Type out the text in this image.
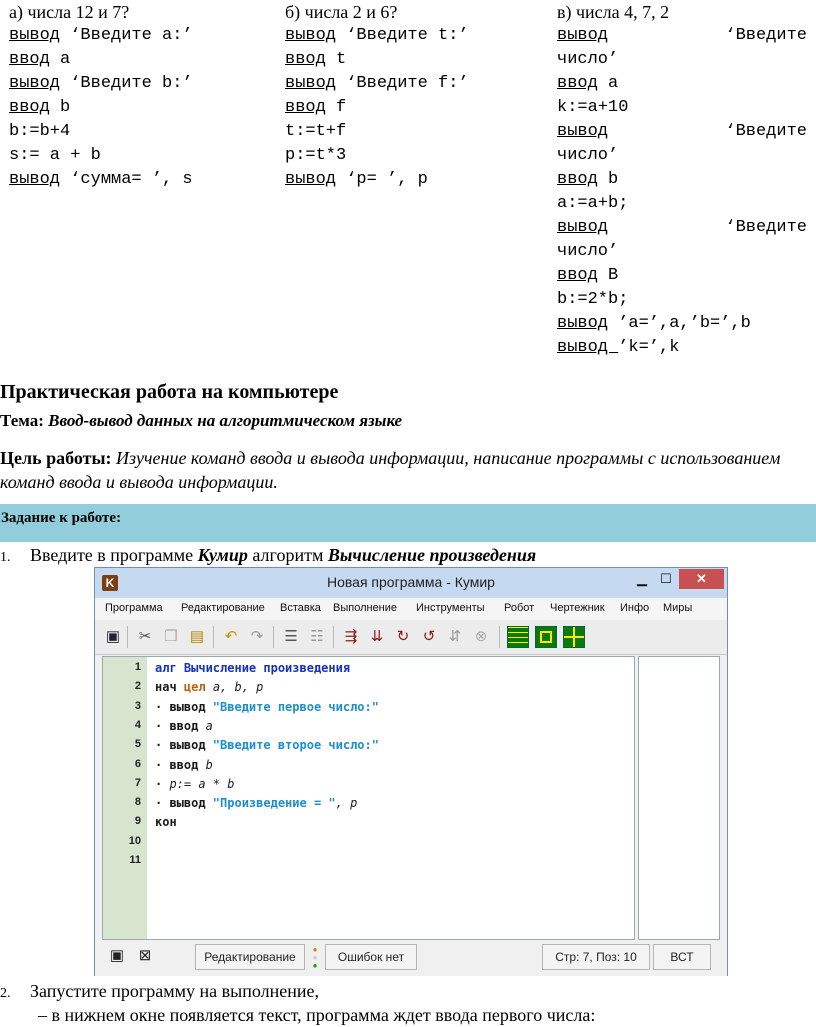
а) числа 12 и 7?
вывод ‘Введите a:’
ввод a
вывод ‘Введите b:’
ввод b
b:=b+4
s:= a + b
вывод ‘сумма= ’, s
б) числа 2 и 6?
вывод ‘Введите t:’
ввод t
вывод ‘Введите f:’
ввод f
t:=t+f
p:=t*3
вывод ‘p= ’, p
в) числа 4, 7, 2
вывод	‘Введите
число’
ввод a
k:=a+10
вывод	‘Введите
число’
ввод b
a:=a+b;
вывод	‘Введите
число’
ввод B
b:=2*b;
вывод ’a=’,a,’b=’,b
вывод ’k=’,k
Практическая работа на компьютере
Тема: Ввод-вывод данных на алгоритмическом языке
Цель работы: Изучение команд ввода и вывода информации, написание программы с использованием команд ввода и вывода информации.
Задание к работе:
1. Введите в программе Кумир алгоритм Вычисление произведения
K	Новая программа - Кумир	▁	☐	✕
Программа Редактирование Вставка Выполнение Инструменты Робот Чертежник Инфо Миры
▣ ✂ ❐ ▤ ↶ ↷ ☰ ☷ ⇶ ⇊ ↻ ↺ ⇵ ⊗
1
2
3
4
5
6
7
8
9
10
11
алг Вычисление произведения
нач цел a, b, p
· вывод "Введите первое число:"
· ввод a
· вывод "Введите второе число:"
· ввод b
· p:= a * b
· вывод "Произведение = ", p
кон
▣ ⊠	Редактирование
●
●
●
Ошибок нет	Стр: 7, Поз: 10	ВСТ
2. Запустите программу на выполнение,
– в нижнем окне появляется текст, программа ждет ввода первого числа:
